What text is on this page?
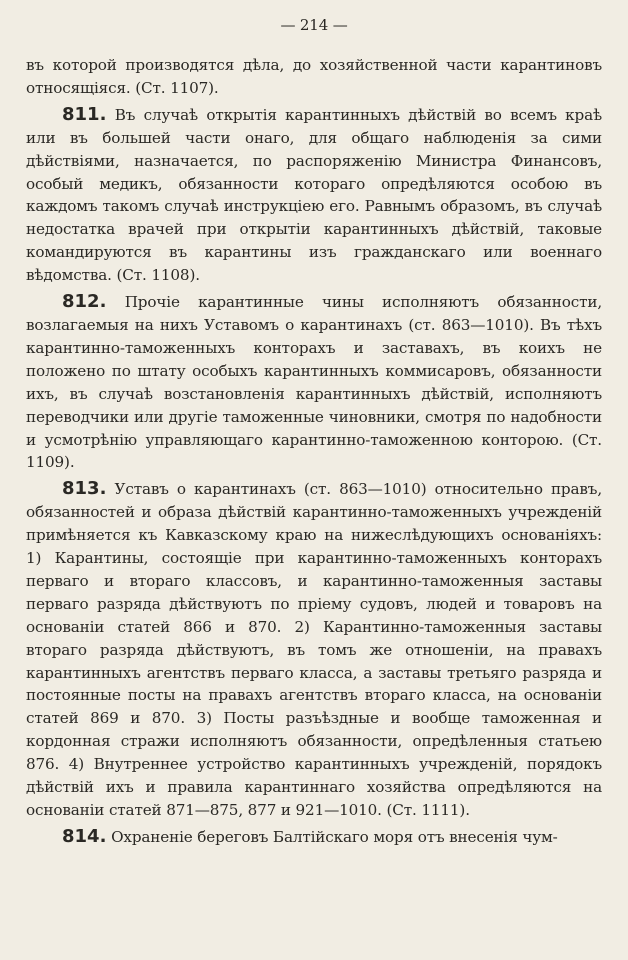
— 214 —
въ которой производятся дѣла, до хозяйственной части карантиновъ относящіяся. (Ст. 1107).
811. Въ случаѣ открытія карантинныхъ дѣйствій во всемъ краѣ или въ большей части онаго, для общаго наблюденія за сими дѣйствіями, назначается, по распоряженію Министра Финансовъ, особый медикъ, обязанности котораго опредѣляются особою въ каждомъ такомъ случаѣ инструкціею его. Равнымъ образомъ, въ случаѣ недостатка врачей при открытіи карантинныхъ дѣйствій, таковые командируются въ карантины изъ гражданскаго или военнаго вѣдомства. (Ст. 1108).
812. Прочіе карантинные чины исполняютъ обязанности, возлагаемыя на нихъ Уставомъ о карантинахъ (ст. 863—1010). Въ тѣхъ карантинно-таможенныхъ конторахъ и заставахъ, въ коихъ не положено по штату особыхъ карантинныхъ коммисаровъ, обязанности ихъ, въ случаѣ возстановленія карантинныхъ дѣйствій, исполняютъ переводчики или другіе таможенные чиновники, смотря по надобности и усмотрѣнію управляющаго карантинно-таможенною конторою. (Ст. 1109).
813. Уставъ о карантинахъ (ст. 863—1010) относительно правъ, обязанностей и образа дѣйствій карантинно-таможенныхъ учрежденій примѣняется къ Кавказскому краю на нижеслѣдующихъ основаніяхъ: 1) Карантины, состоящіе при карантинно-таможенныхъ конторахъ перваго и втораго классовъ, и карантинно-таможенныя заставы перваго разряда дѣйствуютъ по пріему судовъ, людей и товаровъ на основаніи статей 866 и 870. 2) Карантинно-таможенныя заставы втораго разряда дѣйствуютъ, въ томъ же отношеніи, на правахъ карантинныхъ агентствъ перваго класса, а заставы третьяго разряда и постоянные посты на правахъ агентствъ втораго класса, на основаніи статей 869 и 870. 3) Посты разъѣздные и вообще таможенная и кордонная стражи исполняютъ обязанности, опредѣленныя статьею 876. 4) Внутреннее устройство карантинныхъ учрежденій, порядокъ дѣйствій ихъ и правила карантиннаго хозяйства опредѣляются на основаніи статей 871—875, 877 и 921—1010. (Ст. 1111).
814. Охраненіе береговъ Балтійскаго моря отъ внесенія чум-
